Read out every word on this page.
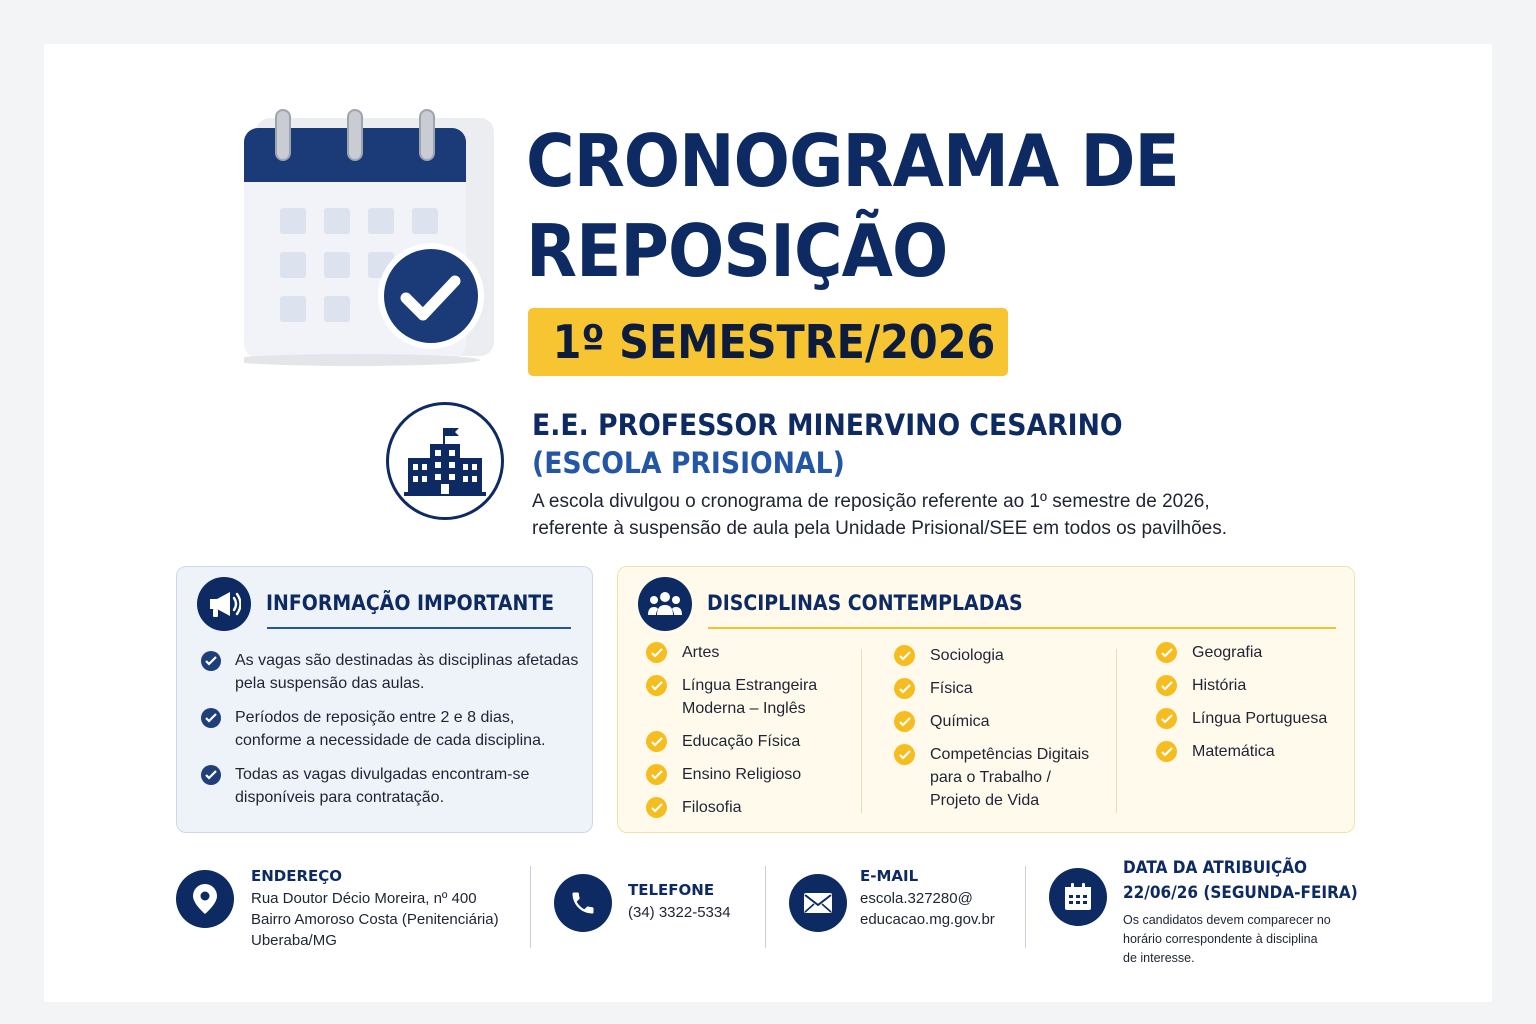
CRONOGRAMA DE
REPOSIÇÃO
1º SEMESTRE/2026
E.E. PROFESSOR MINERVINO CESARINO
(ESCOLA PRISIONAL)
A escola divulgou o cronograma de reposição referente ao 1º semestre de 2026,
referente à suspensão de aula pela Unidade Prisional/SEE em todos os pavilhões.
INFORMAÇÃO IMPORTANTE
As vagas são destinadas às disciplinas afetadas pela suspensão das aulas.
Períodos de reposição entre 2 e 8 dias, conforme a necessidade de cada disciplina.
Todas as vagas divulgadas encontram-se disponíveis para contratação.
DISCIPLINAS CONTEMPLADAS
Artes
Língua Estrangeira Moderna – Inglês
Educação Física
Ensino Religioso
Filosofia
Sociologia
Física
Química
Competências Digitais para o Trabalho / Projeto de Vida
Geografia
História
Língua Portuguesa
Matemática
ENDEREÇO
Rua Doutor Décio Moreira, nº 400
Bairro Amoroso Costa (Penitenciária)
Uberaba/MG
TELEFONE
(34) 3322-5334
E-MAIL
escola.327280@
educacao.mg.gov.br
DATA DA ATRIBUIÇÃO
22/06/26 (SEGUNDA-FEIRA)
Os candidatos devem comparecer no
horário correspondente à disciplina
de interesse.
